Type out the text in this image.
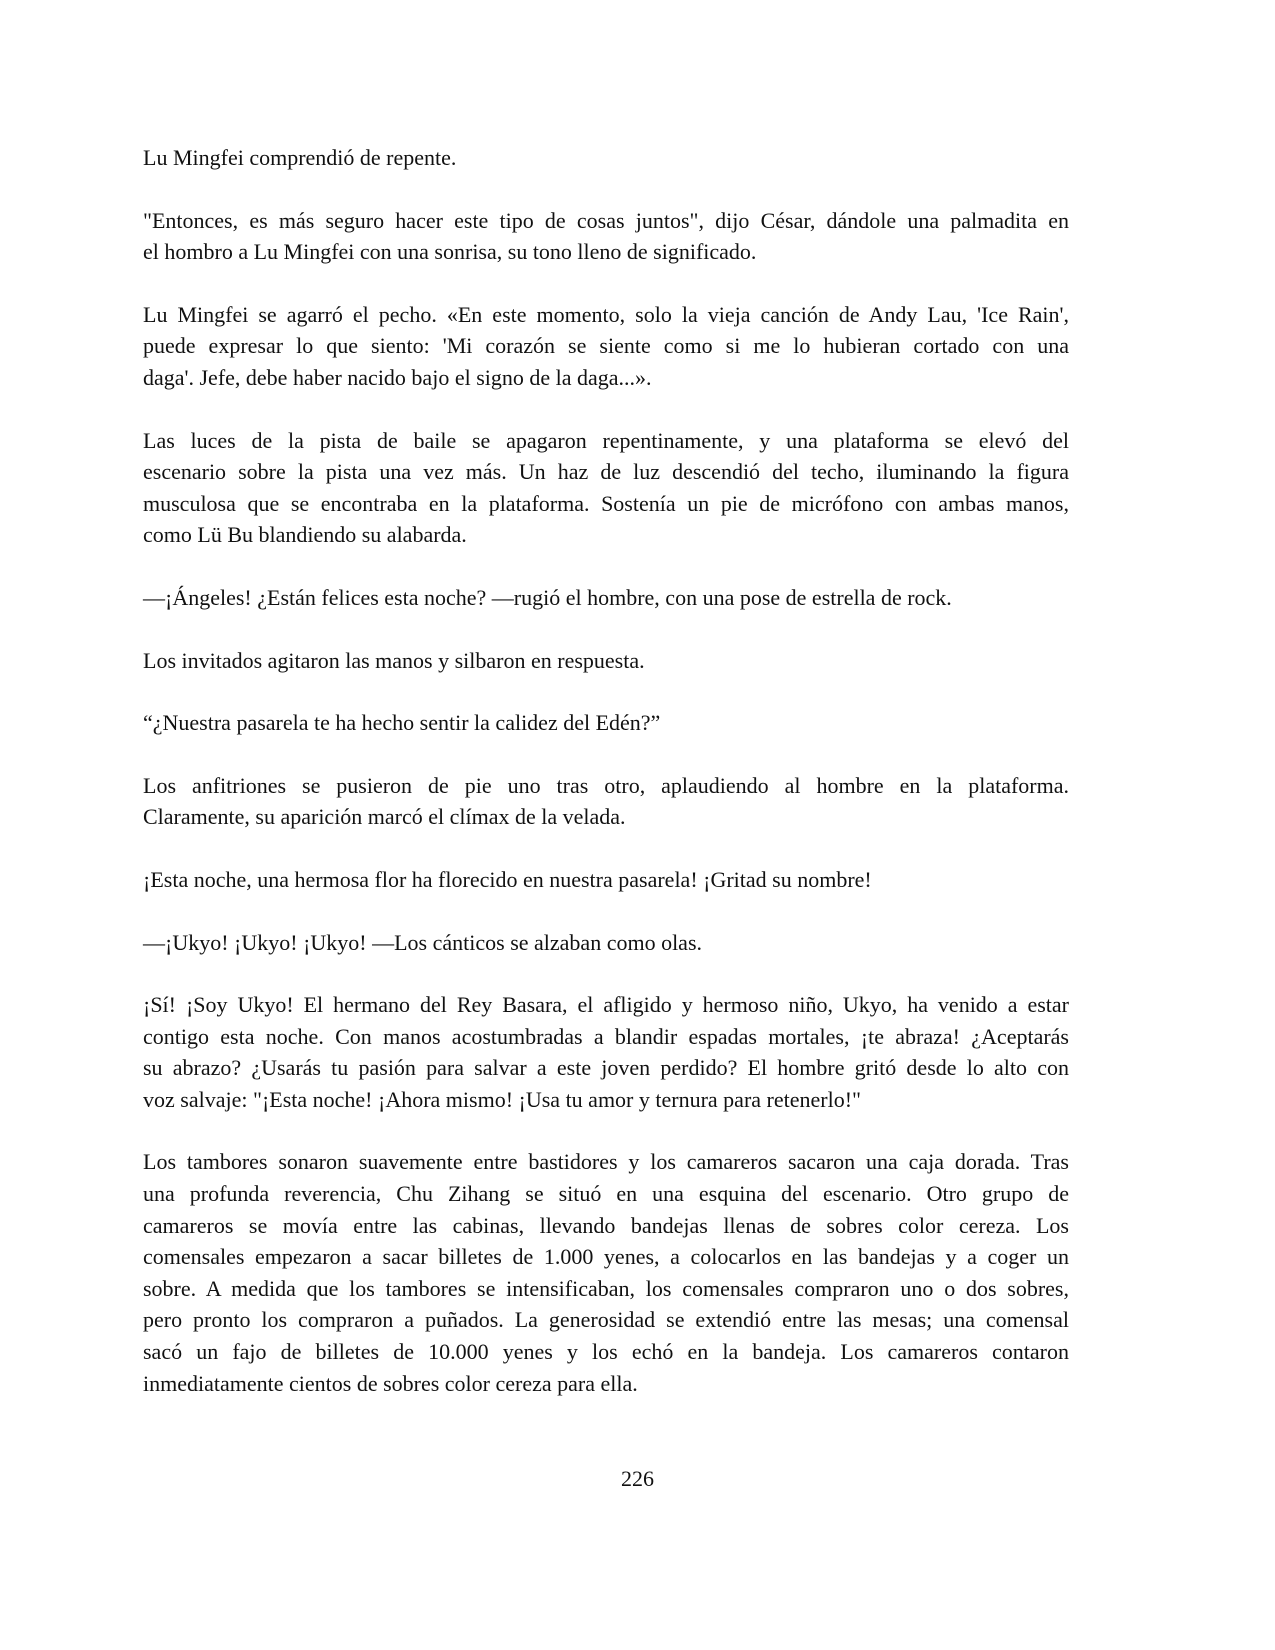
Lu Mingfei comprendió de repente.
"Entonces, es más seguro hacer este tipo de cosas juntos", dijo César, dándole una palmadita en
el hombro a Lu Mingfei con una sonrisa, su tono lleno de significado.
Lu Mingfei se agarró el pecho. «En este momento, solo la vieja canción de Andy Lau, 'Ice Rain',
puede expresar lo que siento: 'Mi corazón se siente como si me lo hubieran cortado con una
daga'. Jefe, debe haber nacido bajo el signo de la daga...».
Las luces de la pista de baile se apagaron repentinamente, y una plataforma se elevó del
escenario sobre la pista una vez más. Un haz de luz descendió del techo, iluminando la figura
musculosa que se encontraba en la plataforma. Sostenía un pie de micrófono con ambas manos,
como Lü Bu blandiendo su alabarda.
—¡Ángeles! ¿Están felices esta noche? —rugió el hombre, con una pose de estrella de rock.
Los invitados agitaron las manos y silbaron en respuesta.
“¿Nuestra pasarela te ha hecho sentir la calidez del Edén?”
Los anfitriones se pusieron de pie uno tras otro, aplaudiendo al hombre en la plataforma.
Claramente, su aparición marcó el clímax de la velada.
¡Esta noche, una hermosa flor ha florecido en nuestra pasarela! ¡Gritad su nombre!
—¡Ukyo! ¡Ukyo! ¡Ukyo! —Los cánticos se alzaban como olas.
¡Sí! ¡Soy Ukyo! El hermano del Rey Basara, el afligido y hermoso niño, Ukyo, ha venido a estar
contigo esta noche. Con manos acostumbradas a blandir espadas mortales, ¡te abraza! ¿Aceptarás
su abrazo? ¿Usarás tu pasión para salvar a este joven perdido? El hombre gritó desde lo alto con
voz salvaje: "¡Esta noche! ¡Ahora mismo! ¡Usa tu amor y ternura para retenerlo!"
Los tambores sonaron suavemente entre bastidores y los camareros sacaron una caja dorada. Tras
una profunda reverencia, Chu Zihang se situó en una esquina del escenario. Otro grupo de
camareros se movía entre las cabinas, llevando bandejas llenas de sobres color cereza. Los
comensales empezaron a sacar billetes de 1.000 yenes, a colocarlos en las bandejas y a coger un
sobre. A medida que los tambores se intensificaban, los comensales compraron uno o dos sobres,
pero pronto los compraron a puñados. La generosidad se extendió entre las mesas; una comensal
sacó un fajo de billetes de 10.000 yenes y los echó en la bandeja. Los camareros contaron
inmediatamente cientos de sobres color cereza para ella.
226
